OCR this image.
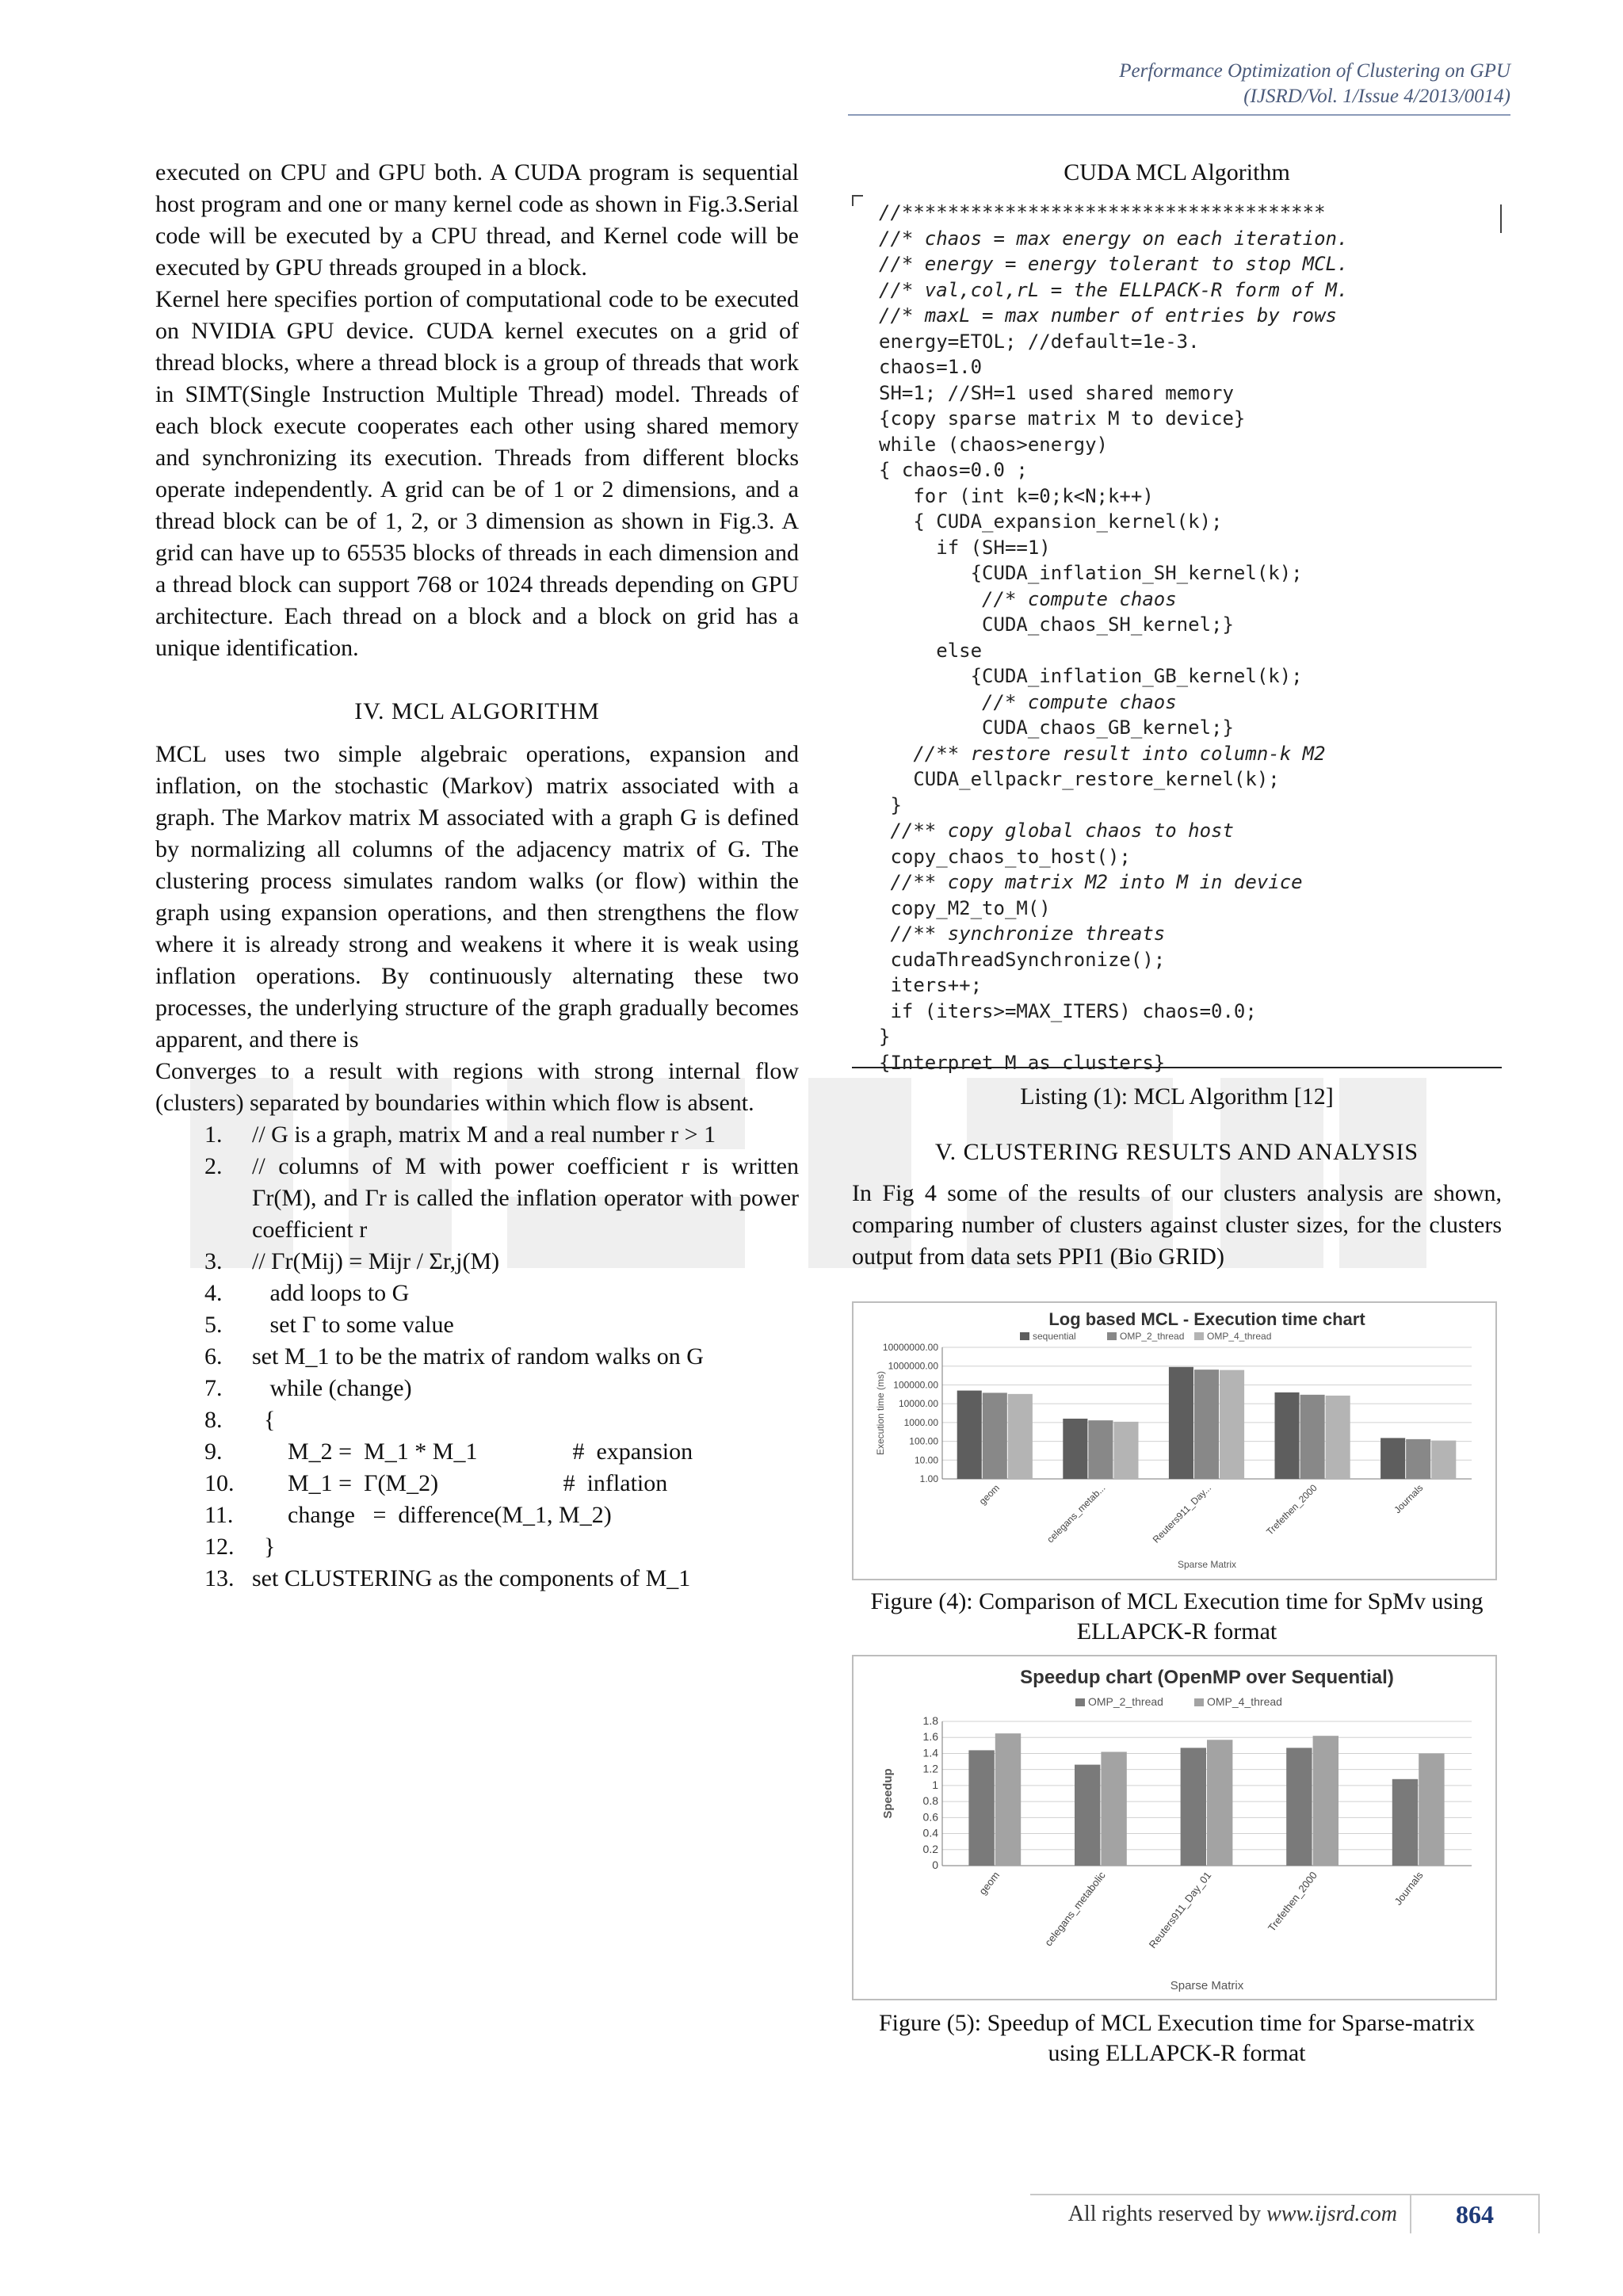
Performance Optimization of Clustering on GPU
(IJSRD/Vol. 1/Issue 4/2013/0014)

executed on CPU and GPU both. A CUDA program is sequential host program and one or many kernel code as shown in Fig.3.Serial code will be executed by a CPU thread, and Kernel code will be executed by GPU threads grouped in a block.

Kernel here specifies portion of computational code to be executed on NVIDIA GPU device. CUDA kernel executes on a grid of thread blocks, where a thread block is a group of threads that work in SIMT(Single Instruction Multiple Thread) model. Threads of each block execute cooperates each other using shared memory and synchronizing its execution. Threads from different blocks operate independently. A grid can be of 1 or 2 dimensions, and a thread block can be of 1, 2, or 3 dimension as shown in Fig.3. A grid can have up to 65535 blocks of threads in each dimension and a thread block can support 768 or 1024 threads depending on GPU architecture. Each thread on a block and a block on grid has a unique identification.

IV. MCL ALGORITHM

MCL uses two simple algebraic operations, expansion and inflation, on the stochastic (Markov) matrix associated with a graph. The Markov matrix M associated with a graph G is defined by normalizing all columns of the adjacency matrix of G. The clustering process simulates random walks (or flow) within the graph using expansion operations, and then strengthens the flow where it is already strong and weakens it where it is weak using inflation operations. By continuously alternating these two processes, the underlying structure of the graph gradually becomes apparent, and there is

Converges to a result with regions with strong internal flow (clusters) separated by boundaries within which flow is absent.

1.	// G is a graph, matrix M and a real number r > 1
2.	// columns of M with power coefficient r is written Γr(M), and Γr is called the inflation operator with power coefficient r
3.	// Γr(Mij) = Mijr / Σr,j(M)
4.	add loops to G
5.	set Γ to some value
6.	set M_1 to be the matrix of random walks on G
7.	while (change)
8.	{
9.	M_2 =  M_1 * M_1                #  expansion
10. M_1 =  Γ(M_2)                     #  inflation
11. change   =  difference(M_1, M_2)
12. }
13. set CLUSTERING as the components of M_1
CUDA MCL Algorithm
//*************************************
//* chaos = max energy on each iteration.
//* energy = energy tolerant to stop MCL.
//* val,col,rL = the ELLPACK-R form of M.
//* maxL = max number of entries by rows
energy=ETOL; //default=1e-3.
chaos=1.0
SH=1; //SH=1 used shared memory
{copy sparse matrix M to device}
while (chaos>energy)
{ chaos=0.0 ;
for (int k=0;k<N;k++)
{ CUDA_expansion_kernel(k);
if (SH==1)
{CUDA_inflation_SH_kernel(k);
//* compute chaos
CUDA_chaos_SH_kernel;}
else
{CUDA_inflation_GB_kernel(k);
//* compute chaos
CUDA_chaos_GB_kernel;}
//** restore result into column-k M2
CUDA_ellpackr_restore_kernel(k);
}
//** copy global chaos to host
copy_chaos_to_host();
//** copy matrix M2 into M in device
copy_M2_to_M()
//** synchronize threats
cudaThreadSynchronize();
iters++;
if (iters>=MAX_ITERS) chaos=0.0;
}
{Interpret M as clusters}
Listing (1): MCL Algorithm [12]
V. CLUSTERING RESULTS AND ANALYSIS

In Fig 4 some of the results of our clusters analysis are shown, comparing number of clusters against cluster sizes, for the clusters output from data sets PPI1 (Bio GRID)

Log based MCL - Execution time chart
sequential	OMP_2_thread OMP_4_thread
10000000.00
1000000.00
100000.00
10000.00
1000.00
100.00
10.00
1.00
geom	celegans_metab...	Reuters911_Day...	Trefethen_2000	Journals
Sparse Matrix
Execution time (ms)
Figure (4): Comparison of MCL Execution time for SpMv using ELLAPCK-R format
Speedup chart (OpenMP over Sequential)
OMP_2_thread	OMP_4_thread
1.8
1.6
1.4
1.2
1
0.8
0.6
0.4
0.2
0
geom	celegans_metabolic	Reuters911_Day_01	Trefethen_2000	Journals
Sparse Matrix
Speedup
Figure (5): Speedup of MCL Execution time for Sparse-matrix using ELLAPCK-R format
All rights reserved by www.ijsrd.com	864
